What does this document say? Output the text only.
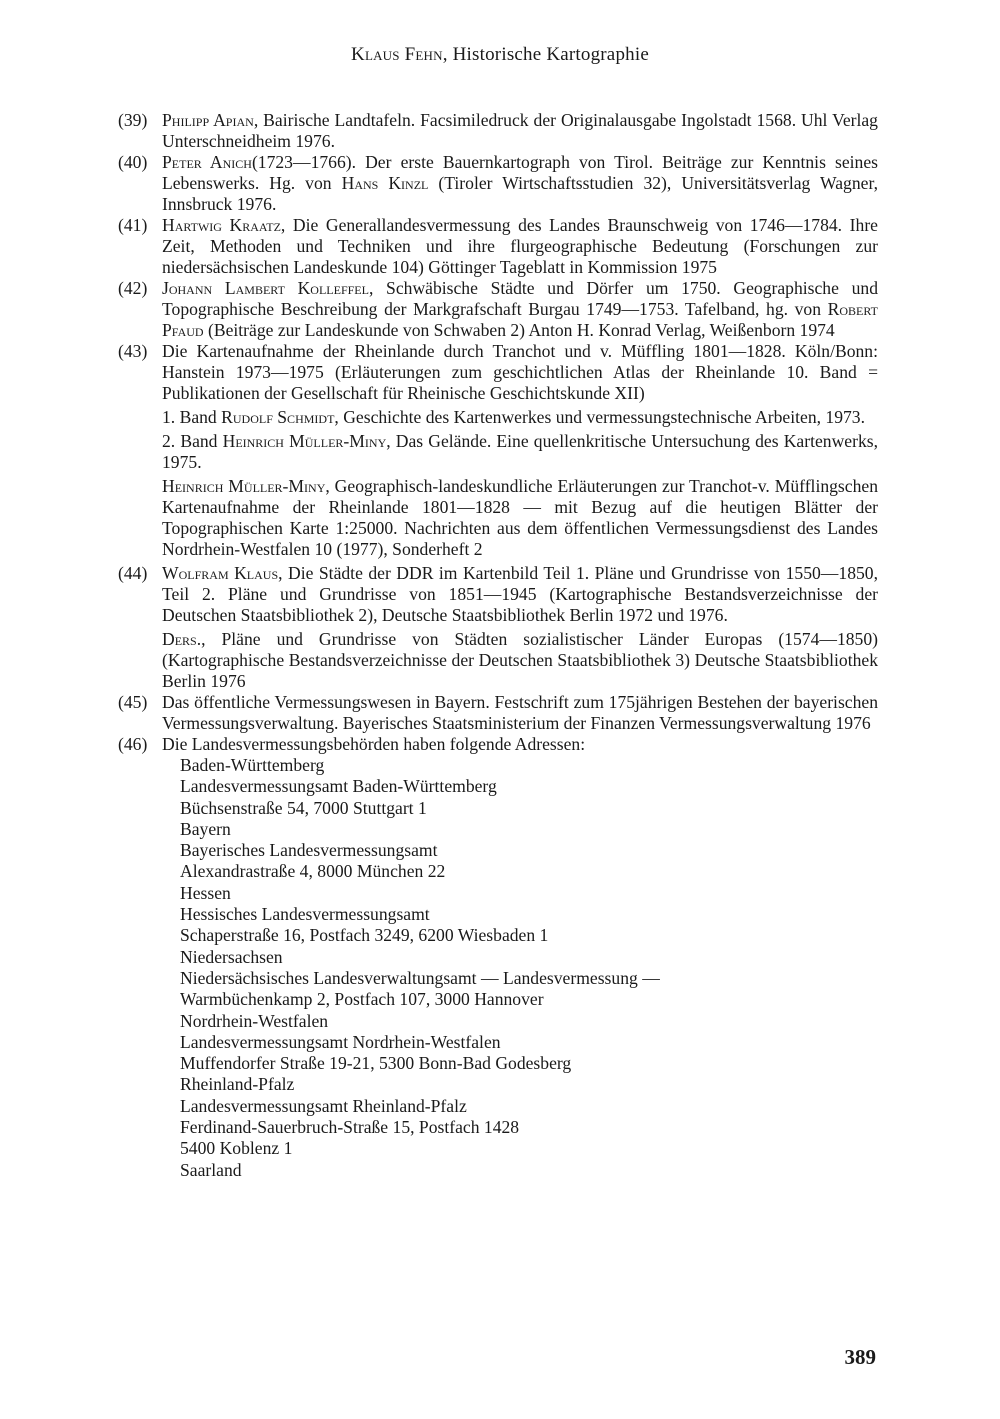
Klaus Fehn, Historische Kartographie
(39) Philipp Apian, Bairische Landtafeln. Facsimiledruck der Originalausgabe Ingolstadt 1568. Uhl Verlag Unterschneidheim 1976.

(40) Peter Anich(1723—1766). Der erste Bauernkartograph von Tirol. Beiträge zur Kenntnis seines Lebenswerks. Hg. von Hans Kinzl (Tiroler Wirtschaftsstudien 32), Universitätsverlag Wagner, Innsbruck 1976.

(41) Hartwig Kraatz, Die Generallandesvermessung des Landes Braunschweig von 1746—1784. Ihre Zeit, Methoden und Techniken und ihre flurgeographische Bedeutung (Forschungen zur niedersächsischen Landeskunde 104) Göttinger Tageblatt in Kommission 1975

(42) Johann Lambert Kolleffel, Schwäbische Städte und Dörfer um 1750. Geographische und Topographische Beschreibung der Markgrafschaft Burgau 1749—1753. Tafelband, hg. von Robert Pfaud (Beiträge zur Landeskunde von Schwaben 2) Anton H. Konrad Verlag, Weißenborn 1974

(43) Die Kartenaufnahme der Rheinlande durch Tranchot und v. Müffling 1801—1828. Köln/Bonn: Hanstein 1973—1975 (Erläuterungen zum geschichtlichen Atlas der Rheinlande 10. Band = Publikationen der Gesellschaft für Rheinische Geschichtskunde XII)

1. Band Rudolf Schmidt, Geschichte des Kartenwerkes und vermessungstechnische Arbeiten, 1973.

2. Band Heinrich Müller-Miny, Das Gelände. Eine quellenkritische Untersuchung des Kartenwerks, 1975.

Heinrich Müller-Miny, Geographisch-landeskundliche Erläuterungen zur Tranchot-v. Müfflingschen Kartenaufnahme der Rheinlande 1801—1828 — mit Bezug auf die heutigen Blätter der Topographischen Karte 1:25000. Nachrichten aus dem öffentlichen Vermessungsdienst des Landes Nordrhein-Westfalen 10 (1977), Sonderheft 2

(44) Wolfram Klaus, Die Städte der DDR im Kartenbild Teil 1. Pläne und Grundrisse von 1550—1850, Teil 2. Pläne und Grundrisse von 1851—1945 (Kartographische Bestandsverzeichnisse der Deutschen Staatsbibliothek 2), Deutsche Staatsbibliothek Berlin 1972 und 1976.

Ders., Pläne und Grundrisse von Städten sozialistischer Länder Europas (1574—1850) (Kartographische Bestandsverzeichnisse der Deutschen Staatsbibliothek 3) Deutsche Staatsbibliothek Berlin 1976

(45) Das öffentliche Vermessungswesen in Bayern. Festschrift zum 175jährigen Bestehen der bayerischen Vermessungsverwaltung. Bayerisches Staatsministerium der Finanzen Vermessungsverwaltung 1976

(46) Die Landesvermessungsbehörden haben folgende Adressen:

Baden-Württemberg
Landesvermessungsamt Baden-Württemberg
Büchsenstraße 54, 7000 Stuttgart 1
Bayern
Bayerisches Landesvermessungsamt
Alexandrastraße 4, 8000 München 22
Hessen
Hessisches Landesvermessungsamt
Schaperstraße 16, Postfach 3249, 6200 Wiesbaden 1
Niedersachsen
Niedersächsisches Landesverwaltungsamt — Landesvermessung —
Warmbüchenkamp 2, Postfach 107, 3000 Hannover
Nordrhein-Westfalen
Landesvermessungsamt Nordrhein-Westfalen
Muffendorfer Straße 19-21, 5300 Bonn-Bad Godesberg
Rheinland-Pfalz
Landesvermessungsamt Rheinland-Pfalz
Ferdinand-Sauerbruch-Straße 15, Postfach 1428
5400 Koblenz 1
Saarland
389
